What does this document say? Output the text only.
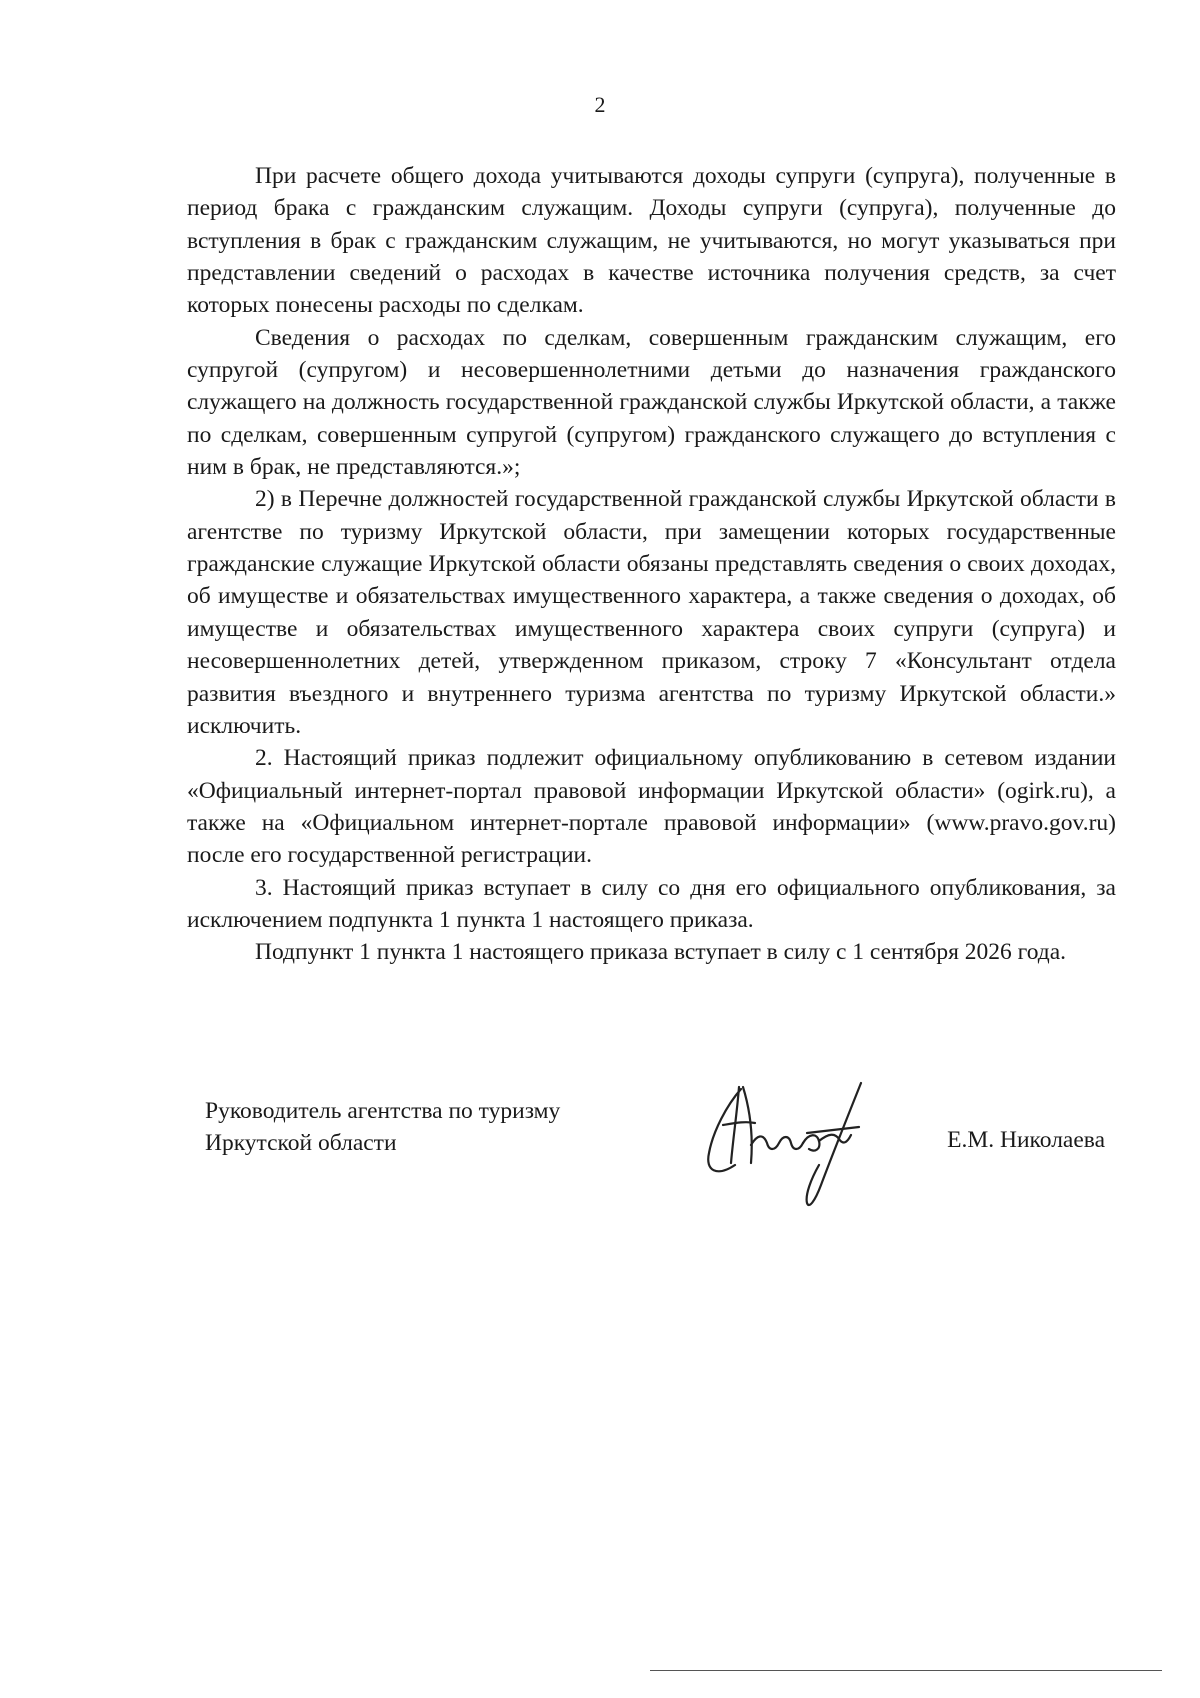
2

При расчете общего дохода учитываются доходы супруги (супруга), полученные в период брака с гражданским служащим. Доходы супруги (супруга), полученные до вступления в брак с гражданским служащим, не учитываются, но могут указываться при представлении сведений о расходах в качестве источника получения средств, за счет которых понесены расходы по сделкам.

Сведения о расходах по сделкам, совершенным гражданским служащим, его супругой (супругом) и несовершеннолетними детьми до назначения гражданского служащего на должность государственной гражданской службы Иркутской области, а также по сделкам, совершенным супругой (супругом) гражданского служащего до вступления с ним в брак, не представляются.»;

2) в Перечне должностей государственной гражданской службы Иркутской области в агентстве по туризму Иркутской области, при замещении которых государственные гражданские служащие Иркутской области обязаны представлять сведения о своих доходах, об имуществе и обязательствах имущественного характера, а также сведения о доходах, об имуществе и обязательствах имущественного характера своих супруги (супруга) и несовершеннолетних детей, утвержденном приказом, строку 7 «Консультант отдела развития въездного и внутреннего туризма агентства по туризму Иркутской области.» исключить.

2. Настоящий приказ подлежит официальному опубликованию в сетевом издании «Официальный интернет-портал правовой информации Иркутской области» (ogirk.ru), а также на «Официальном интернет-портале правовой информации» (www.pravo.gov.ru) после его государственной регистрации.

3. Настоящий приказ вступает в силу со дня его официального опубликования, за исключением подпункта 1 пункта 1 настоящего приказа.

Подпункт 1 пункта 1 настоящего приказа вступает в силу с 1 сентября 2026 года.

Руководитель агентства по туризму
Иркутской области	Е.М. Николаева
